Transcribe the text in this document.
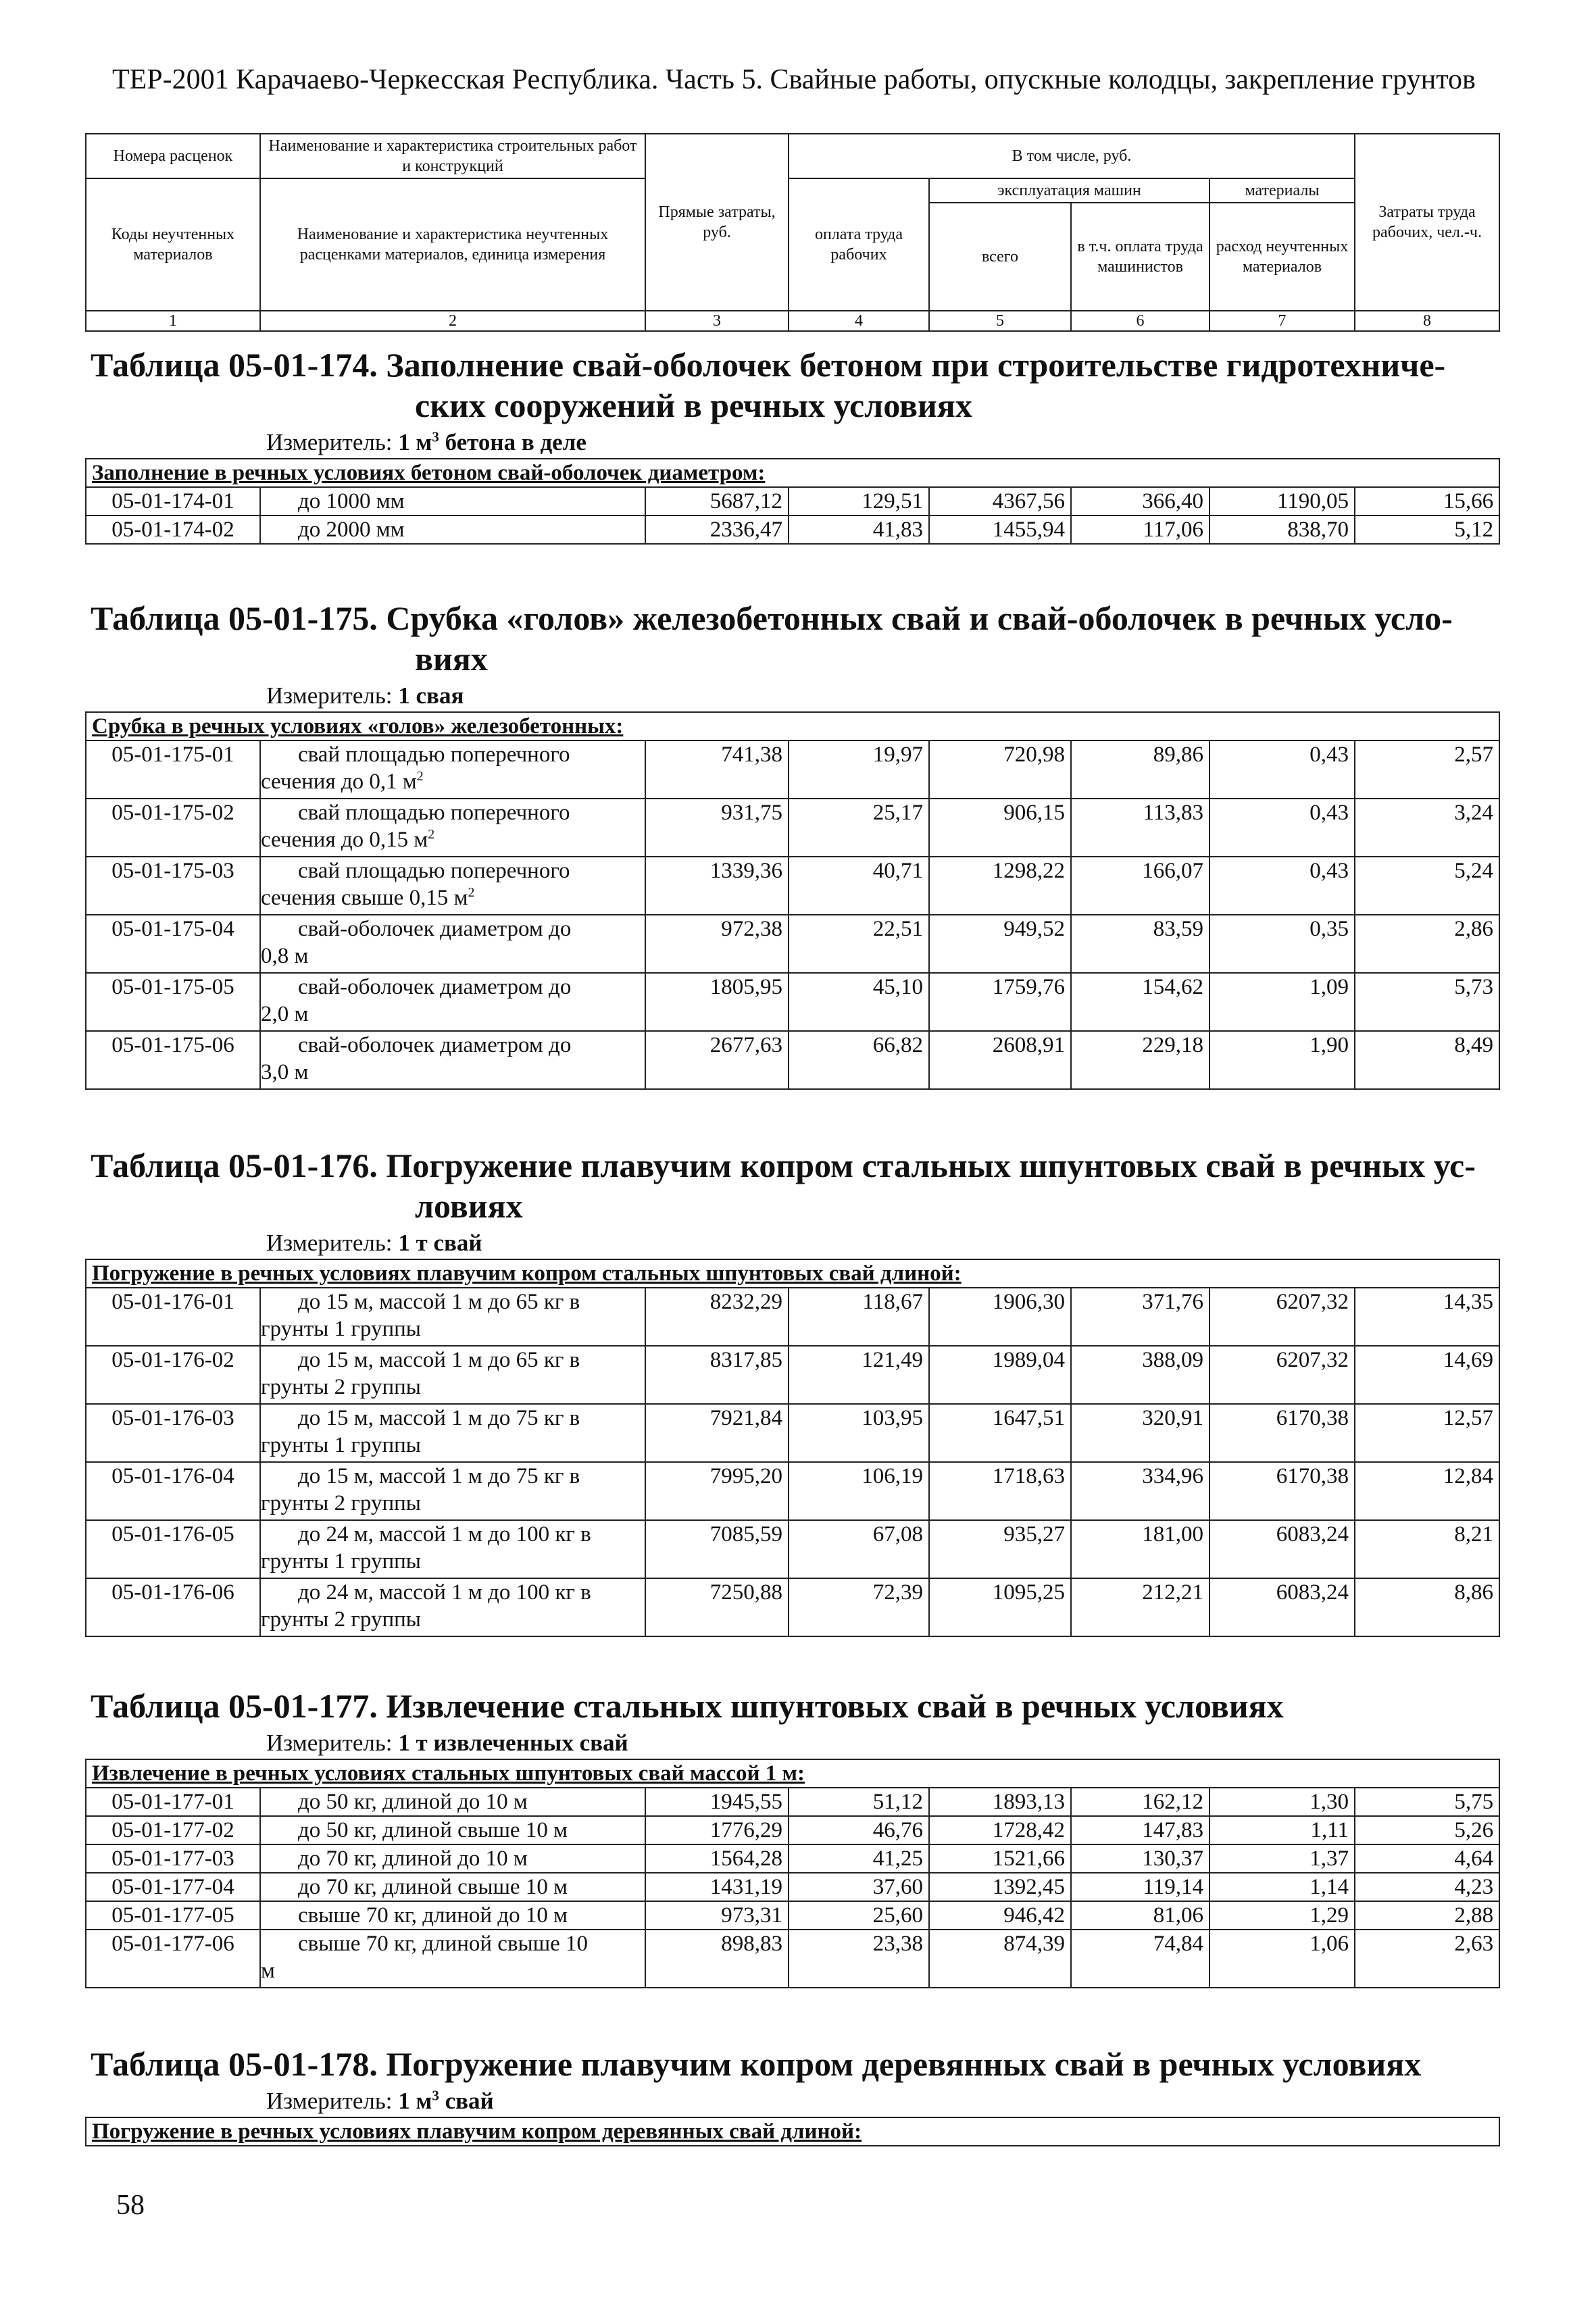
ТЕР-2001 Карачаево-Черкесская Республика. Часть 5. Свайные работы, опускные колодцы, закрепление грунтов
Номера расценок	Наименование и характеристика строительных работ и конструкций	Прямые затраты, руб.	В том числе, руб.				Затраты труда рабочих, чел.-ч.
Коды неучтенных материалов	Наименование и характеристика неучтенных расценками материалов, единица измерения		оплата труда рабочих	эксплуатация машин		материалы	
				всего	в т.ч. оплата труда машинистов	расход неучтенных материалов	
1	2	3	4	5	6	7	8
Таблица 05-01-174. Заполнение свай-оболочек бетоном при строительстве гидротехниче-
ских сооружений в речных условиях
Измеритель: 1 $м^3$ бетона в деле
Заполнение в речных условиях бетоном свай-оболочек диаметром:							
05-01-174-01	до 1000 мм	5687,12	129,51	4367,56	366,40	1190,05	15,66
05-01-174-02	до 2000 мм	2336,47	41,83	1455,94	117,06	838,70	5,12
Таблица 05-01-175. Срубка «голов» железобетонных свай и свай-оболочек в речных усло-
виях
Измеритель: 1 свая
Срубка в речных условиях «голов» железобетонных:							
05-01-175-01	свай площадью поперечного
сечения до 0,1 $м^2$	741,38	19,97	720,98	89,86	0,43	2,57
05-01-175-02	свай площадью поперечного
сечения до 0,15 $м^2$	931,75	25,17	906,15	113,83	0,43	3,24
05-01-175-03	свай площадью поперечного
сечения свыше 0,15 $м^2$	1339,36	40,71	1298,22	166,07	0,43	5,24
05-01-175-04	свай-оболочек диаметром до
0,8 м	972,38	22,51	949,52	83,59	0,35	2,86
05-01-175-05	свай-оболочек диаметром до
2,0 м	1805,95	45,10	1759,76	154,62	1,09	5,73
05-01-175-06	свай-оболочек диаметром до
3,0 м	2677,63	66,82	2608,91	229,18	1,90	8,49
Таблица 05-01-176. Погружение плавучим копром стальных шпунтовых свай в речных ус-
ловиях
Измеритель: 1 т свай
Погружение в речных условиях плавучим копром стальных шпунтовых свай длиной:							
05-01-176-01	до 15 м, массой 1 м до 65 кг в
грунты 1 группы	8232,29	118,67	1906,30	371,76	6207,32	14,35
05-01-176-02	до 15 м, массой 1 м до 65 кг в
грунты 2 группы	8317,85	121,49	1989,04	388,09	6207,32	14,69
05-01-176-03	до 15 м, массой 1 м до 75 кг в
грунты 1 группы	7921,84	103,95	1647,51	320,91	6170,38	12,57
05-01-176-04	до 15 м, массой 1 м до 75 кг в
грунты 2 группы	7995,20	106,19	1718,63	334,96	6170,38	12,84
05-01-176-05	до 24 м, массой 1 м до 100 кг в
грунты 1 группы	7085,59	67,08	935,27	181,00	6083,24	8,21
05-01-176-06	до 24 м, массой 1 м до 100 кг в
грунты 2 группы	7250,88	72,39	1095,25	212,21	6083,24	8,86
Таблица 05-01-177. Извлечение стальных шпунтовых свай в речных условиях
Измеритель: 1 т извлеченных свай
Извлечение в речных условиях стальных шпунтовых свай массой 1 м:							
05-01-177-01	до 50 кг, длиной до 10 м	1945,55	51,12	1893,13	162,12	1,30	5,75
05-01-177-02	до 50 кг, длиной свыше 10 м	1776,29	46,76	1728,42	147,83	1,11	5,26
05-01-177-03	до 70 кг, длиной до 10 м	1564,28	41,25	1521,66	130,37	1,37	4,64
05-01-177-04	до 70 кг, длиной свыше 10 м	1431,19	37,60	1392,45	119,14	1,14	4,23
05-01-177-05	свыше 70 кг, длиной до 10 м	973,31	25,60	946,42	81,06	1,29	2,88
05-01-177-06	свыше 70 кг, длиной свыше 10
м	898,83	23,38	874,39	74,84	1,06	2,63
Таблица 05-01-178. Погружение плавучим копром деревянных свай в речных условиях
Измеритель: 1 $м^3$ свай
Погружение в речных условиях плавучим копром деревянных свай длиной:
58
